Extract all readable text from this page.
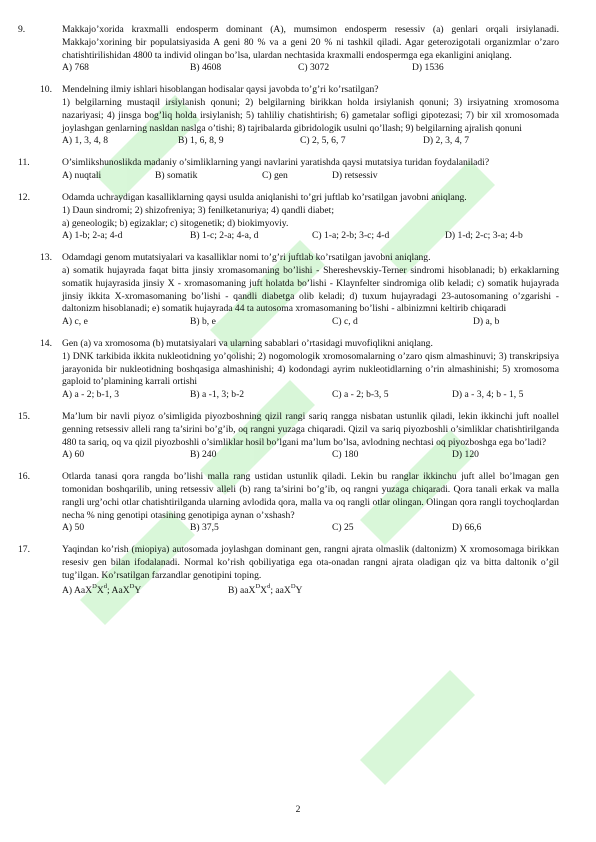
9.	Makkajo’xorida kraxmalli endosperm dominant (A), mumsimon endosperm resessiv (a) genlari orqali irsiylanadi. Makkajo’xorining bir populatsiyasida A geni 80 % va a geni 20 % ni tashkil qiladi. Agar geterozigotali organizmlar o’zaro chatishtirilishidan 4800 ta individ olingan bo’lsa, ulardan nechtasida kraxmalli endospermga ega ekanligini aniqlang.
A) 768	B) 4608	C) 3072	D) 1536
10. Mendelning ilmiy ishlari hisoblangan hodisalar qaysi javobda to’g’ri ko’rsatilgan?
1) belgilarning mustaqil irsiylanish qonuni; 2) belgilarning birikkan holda irsiylanish qonuni; 3) irsiyatning xromosoma nazariyasi; 4) jinsga bog’liq holda irsiylanish; 5) tahliliy chatishtirish; 6) gametalar sofligi gipotezasi; 7) bir xil xromosomada joylashgan genlarning nasldan naslga o’tishi; 8) tajribalarda gibridologik usulni qo’llash; 9) belgilarning ajralish qonuni
A) 1, 3, 4, 8	B) 1, 6, 8, 9	C) 2, 5, 6, 7	D) 2, 3, 4, 7
11.	O’simlikshunoslikda madaniy o’simliklarning yangi navlarini yaratishda qaysi mutatsiya turidan foydalaniladi?
A) nuqtali	B) somatik	C) gen	D) retsessiv
12.	Odamda uchraydigan kasalliklarning qaysi usulda aniqlanishi to’gri juftlab ko’rsatilgan javobni aniqlang.
1) Daun sindromi; 2) shizofreniya; 3) fenilketanuriya; 4) qandli diabet;
a) geneologik; b) egizaklar; c) sitogenetik; d) biokimyoviy.
A) 1-b; 2-a; 4-d	B) 1-c; 2-a; 4-a, d	C) 1-a; 2-b; 3-c; 4-d	D) 1-d; 2-c; 3-a; 4-b
13. Odamdagi genom mutatsiyalari va kasalliklar nomi to’g’ri juftlab ko’rsatilgan javobni aniqlang.
a) somatik hujayrada faqat bitta jinsiy xromasomaning bo’lishi - Shereshevskiy-Terner sindromi hisoblanadi; b) erkaklarning somatik hujayrasida jinsiy X - xromasomaning juft holatda bo’lishi - Klaynfelter sindromiga olib keladi; c) somatik hujayrada jinsiy ikkita X-xromasomaning bo’lishi - qandli diabetga olib keladi; d) tuxum hujayradagi 23-autosomaning o’zgarishi - daltonizm hisoblanadi; e) somatik hujayrada 44 ta autosoma xromasomaning bo’lishi - albinizmni keltirib chiqaradi
A) c, e	B) b, e	C) c, d	D) a, b
14. Gen (a) va xromosoma (b) mutatsiyalari va ularning sabablari o’rtasidagi muvofiqlikni aniqlang.
1) DNK tarkibida ikkita nukleotidning yo’qolishi; 2) nogomologik xromosomalarning o’zaro qism almashinuvi; 3) transkripsiya jarayonida bir nukleotidning boshqasiga almashinishi; 4) kodondagi ayrim nukleotidlarning o’rin almashinishi; 5) xromosoma gaploid to’plamining karrali ortishi
A) a - 2; b-1, 3	B) a -1, 3; b-2	C) a - 2; b-3, 5	D) a - 3, 4; b - 1, 5
15.	Ma’lum bir navli piyoz o’simligida piyozboshning qizil rangi sariq rangga nisbatan ustunlik qiladi, lekin ikkinchi juft noallel genning retsessiv alleli rang ta’sirini bo’g’ib, oq rangni yuzaga chiqaradi. Qizil va sariq piyozboshli o’simliklar chatishtirilganda 480 ta sariq, oq va qizil piyozboshli o’simliklar hosil bo’lgani ma’lum bo’lsa, avlodning nechtasi oq piyozboshga ega bo’ladi?
A) 60	B) 240	C) 180	D) 120
16.	Otlarda tanasi qora rangda bo’lishi malla rang ustidan ustunlik qiladi. Lekin bu ranglar ikkinchu juft allel bo’lmagan gen tomonidan boshqarilib, uning retsessiv alleli (b) rang ta’sirini bo’g’ib, oq rangni yuzaga chiqaradi. Qora tanali erkak va malla rangli urg’ochi otlar chatishtirilganda ularning avlodida qora, malla va oq rangli otlar olingan. Olingan qora rangli toychoqlardan necha % ning genotipi otasining genotipiga aynan o’xshash?
A) 50	B) 37,5	C) 25	D) 66,6
17.	Yaqindan ko’rish (miopiya) autosomada joylashgan dominant gen, rangni ajrata olmaslik (daltonizm) X xromosomaga birikkan resesiv gen bilan ifodalanadi. Normal ko’rish qobiliyatiga ega ota-onadan rangni ajrata oladigan qiz va bitta daltonik o’gil tug’ilgan. Ko’rsatilgan farzandlar genotipini toping.
A) $AaX^DX^d$; AaX$^D$Y	B) $aaX^DX^d$; aaX$^D$Y
2
